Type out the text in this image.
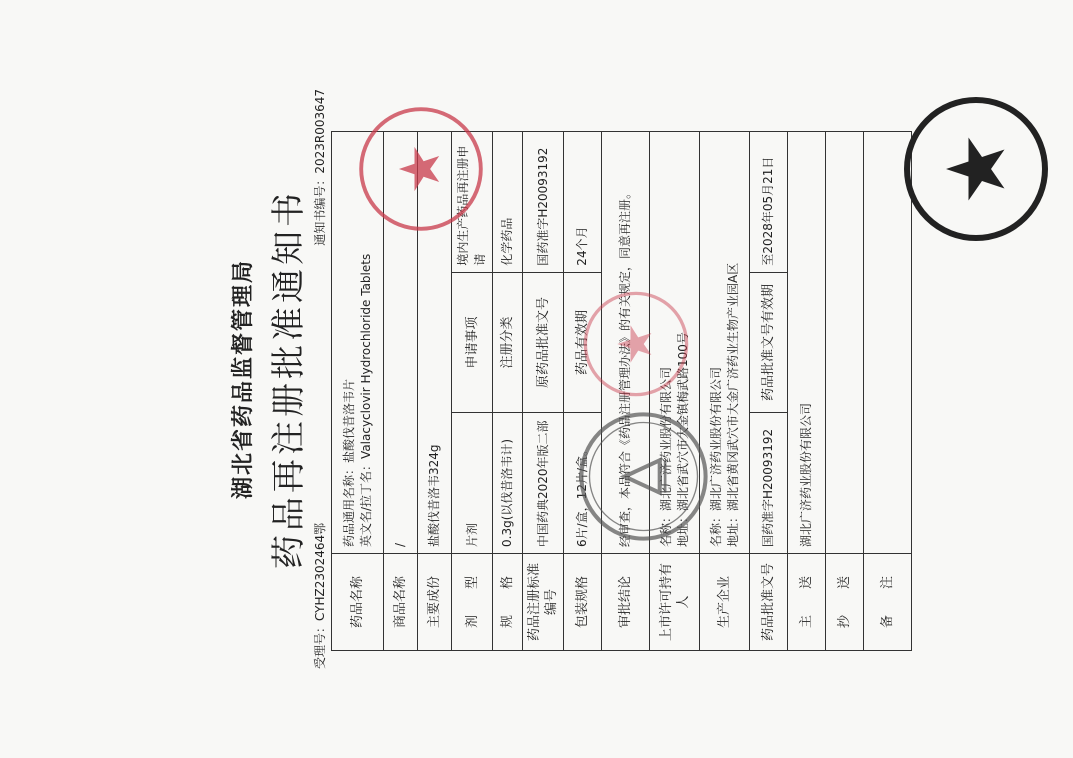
湖北省药品监督管理局 药品再注册批准通知书
受理号：CYHZ2302464鄂
通知书编号：2023R003647
药品名称	药品通用名称：盐酸伐昔洛韦片 英文名/拉丁名：Valacyclovir Hydrochloride Tablets		

商品名称	/		
主要成份	盐酸伐昔洛韦324g		
剂　　型	片剂	申请事项	境内生产药品再注册申请
规　　格	0.3g(以伐昔洛韦计)	注册分类	化学药品
药品注册标准编号	中国药典2020年版二部	原药品批准文号	国药准字H20093192
包装规格	6片/盒，12片/盒。	药品有效期	24个月
审批结论	经审查，本品符合《药品注册管理办法》的有关规定，同意再注册。		
上市许可持有人	名称：湖北广济药业股份有限公司 地址：湖北省武穴市大金镇梅武路100号		

生产企业	名称：湖北广济药业股份有限公司 地址：湖北省黄冈武穴市大金广济药业生物产业园A区		

药品批准文号	国药准字H20093192	药品批准文号有效期	至2028年05月21日
主　　送	湖北广济药业股份有限公司		
抄　　送			
备　　注			
